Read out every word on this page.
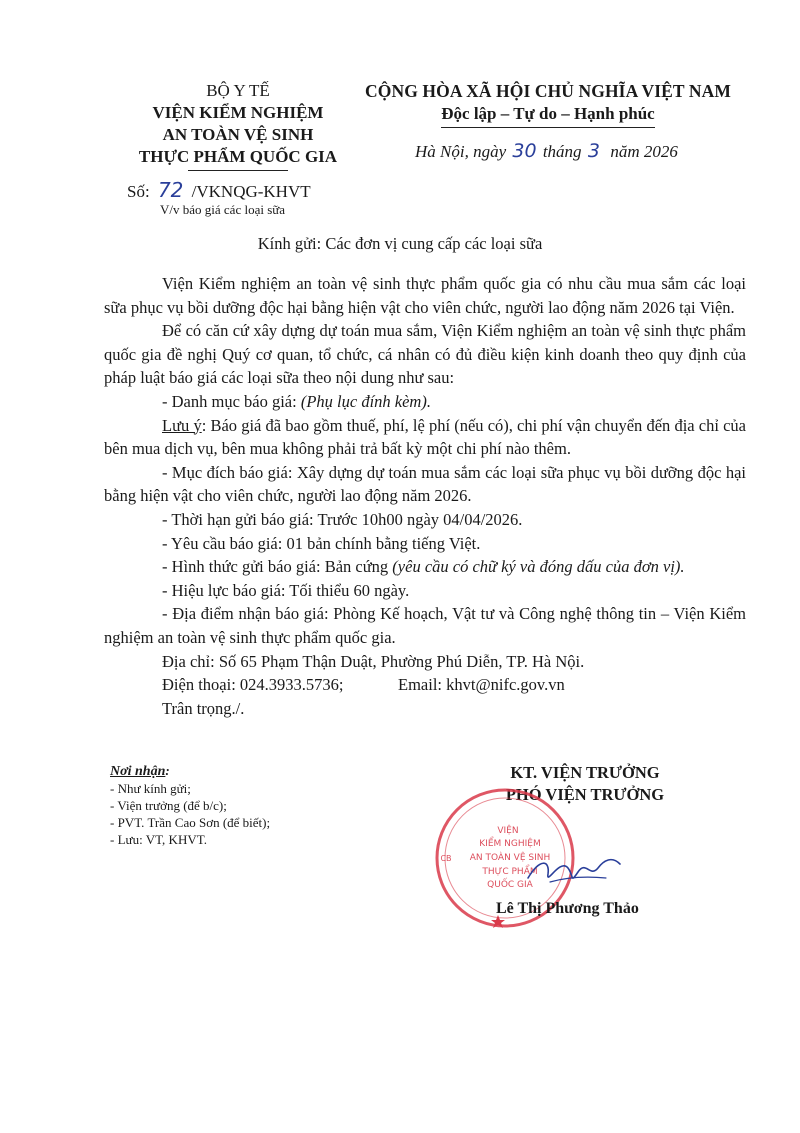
BỘ Y TẾ
VIỆN KIỂM NGHIỆM
AN TOÀN VỆ SINH
THỰC PHẨM QUỐC GIA
Số: 72 /VKNQG-KHVT
V/v báo giá các loại sữa
CỘNG HÒA XÃ HỘI CHỦ NGHĨA VIỆT NAM
Độc lập – Tự do – Hạnh phúc
Hà Nội, ngày 30 tháng 3 năm 2026
Kính gửi: Các đơn vị cung cấp các loại sữa

Viện Kiểm nghiệm an toàn vệ sinh thực phẩm quốc gia có nhu cầu mua sắm các loại sữa phục vụ bồi dưỡng độc hại bằng hiện vật cho viên chức, người lao động năm 2026 tại Viện.

Để có căn cứ xây dựng dự toán mua sắm, Viện Kiểm nghiệm an toàn vệ sinh thực phẩm quốc gia đề nghị Quý cơ quan, tổ chức, cá nhân có đủ điều kiện kinh doanh theo quy định của pháp luật báo giá các loại sữa theo nội dung như sau:

- Danh mục báo giá: (Phụ lục đính kèm).

Lưu ý: Báo giá đã bao gồm thuế, phí, lệ phí (nếu có), chi phí vận chuyển đến địa chỉ của bên mua dịch vụ, bên mua không phải trả bất kỳ một chi phí nào thêm.

- Mục đích báo giá: Xây dựng dự toán mua sắm các loại sữa phục vụ bồi dưỡng độc hại bằng hiện vật cho viên chức, người lao động năm 2026.

- Thời hạn gửi báo giá: Trước 10h00 ngày 04/04/2026.

- Yêu cầu báo giá: 01 bản chính bằng tiếng Việt.

- Hình thức gửi báo giá: Bản cứng (yêu cầu có chữ ký và đóng dấu của đơn vị).

- Hiệu lực báo giá: Tối thiểu 60 ngày.

- Địa điểm nhận báo giá: Phòng Kế hoạch, Vật tư và Công nghệ thông tin – Viện Kiểm nghiệm an toàn vệ sinh thực phẩm quốc gia.

Địa chỉ: Số 65 Phạm Thận Duật, Phường Phú Diễn, TP. Hà Nội.

Điện thoại: 024.3933.5736;	Email: khvt@nifc.gov.vn

Trân trọng./.

Nơi nhận:
- Như kính gửi;
- Viện trưởng (để b/c);
- PVT. Trần Cao Sơn (để biết);
- Lưu: VT, KHVT.
KT. VIỆN TRƯỞNG
PHÓ VIỆN TRƯỞNG
VIỆN
KIỂM NGHIỆM
AN TOÀN VỆ SINH
THỰC PHẨM
QUỐC GIA
CB
Lê Thị Phương Thảo
